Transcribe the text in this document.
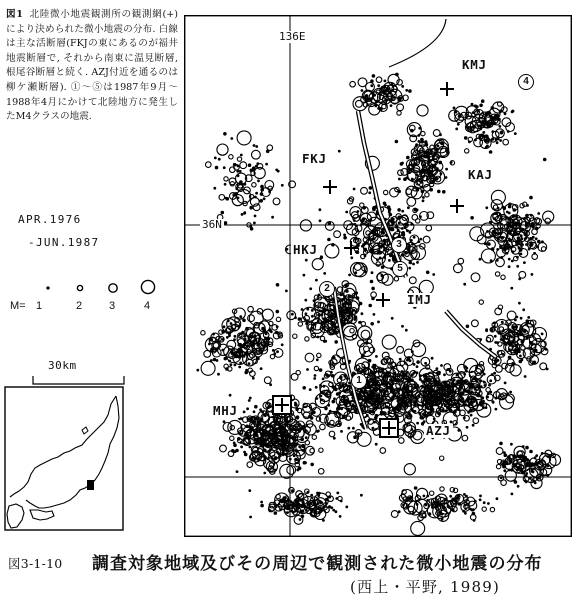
図1 北陸微小地震観測所の観測網(+)により決められた微小地震の分布. 白線は主な活断層(FKJの東にあるのが福井地震断層で, それから南東に温見断層, 根尾谷断層と続く. AZJ付近を通るのは柳ケ瀬断層). ①～⑤は1987年9月～1988年4月にかけて北陸地方に発生したM4クラスの地震.

APR.1976
-JUN.1987
M= 1	2 3	4
30km
136E
36N
KMJ
FKJ
KAJ
HKJ
IMJ
MHJ
AZJ
1
2
3
4
5
図3-1-10 調査対象地域及びその周辺で観測された微小地震の分布
(西上・平野, 1989)
